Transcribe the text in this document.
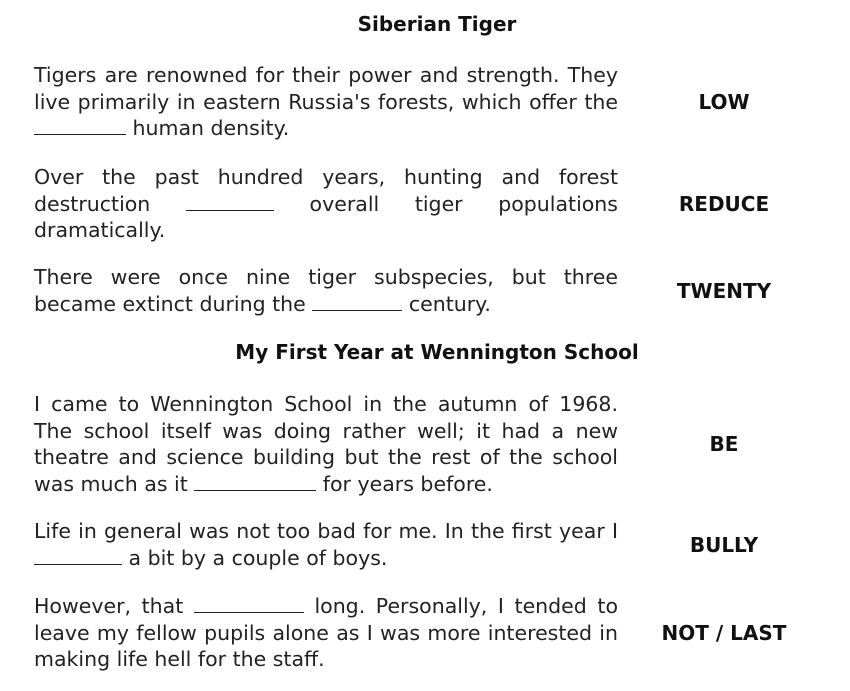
Siberian Tiger
Tigers are renowned for their power and strength. They live primarily in eastern Russia's forests, which offer the  human density.
LOW
Over the past hundred years, hunting and forest destruction	overall tiger populations dramatically.
REDUCE
There were once nine tiger subspecies, but three became extinct during the	century.
TWENTY
My First Year at Wennington School
I came to Wennington School in the autumn of 1968. The school itself was doing rather well; it had a new theatre and science building but the rest of the school was much as it	for years before.
BE
Life in general was not too bad for me. In the first year I  a bit by a couple of boys.
BULLY
However, that	long. Personally, I tended to leave my fellow pupils alone as I was more interested in making life hell for the staff.
NOT / LAST
